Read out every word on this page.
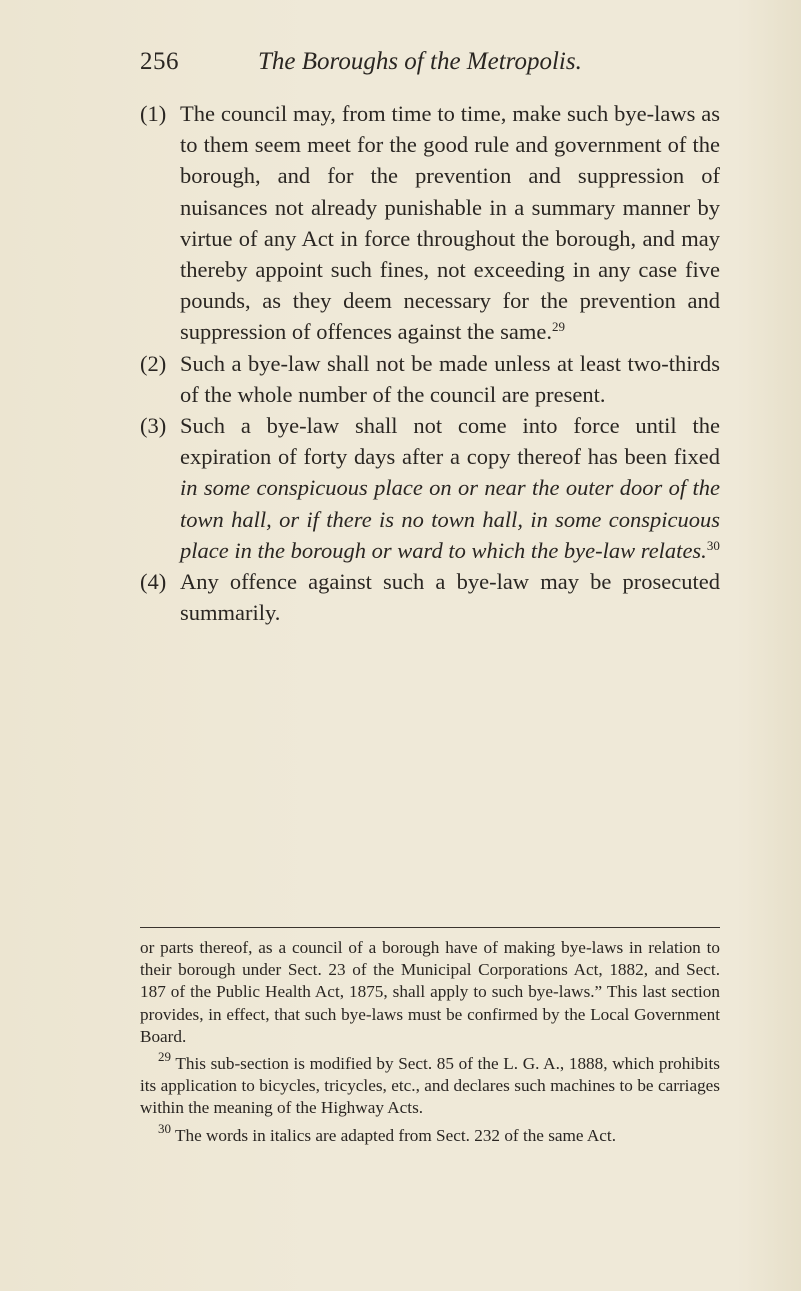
256	The Boroughs of the Metropolis.

(1) The council may, from time to time, make such bye-laws as to them seem meet for the good rule and government of the borough, and for the prevention and suppression of nuisances not already punishable in a summary manner by virtue of any Act in force throughout the borough, and may thereby appoint such fines, not exceeding in any case five pounds, as they deem necessary for the prevention and suppression of offences against the same.$^{29}$

(2) Such a bye-law shall not be made unless at least two-thirds of the whole number of the council are present.

(3) Such a bye-law shall not come into force until the expiration of forty days after a copy thereof has been fixed in some conspicuous place on or near the outer door of the town hall, or if there is no town hall, in some conspicuous place in the borough or ward to which the bye-law relates.$^{30}$

(4) Any offence against such a bye-law may be prosecuted summarily.

or parts thereof, as a council of a borough have of making bye-laws in relation to their borough under Sect. 23 of the Municipal Corporations Act, 1882, and Sect. 187 of the Public Health Act, 1875, shall apply to such bye-laws.” This last section provides, in effect, that such bye-laws must be confirmed by the Local Government Board.

$^{29}$ This sub-section is modified by Sect. 85 of the L. G. A., 1888, which prohibits its application to bicycles, tricycles, etc., and declares such machines to be carriages within the meaning of the Highway Acts.

$^{30}$ The words in italics are adapted from Sect. 232 of the same Act.
